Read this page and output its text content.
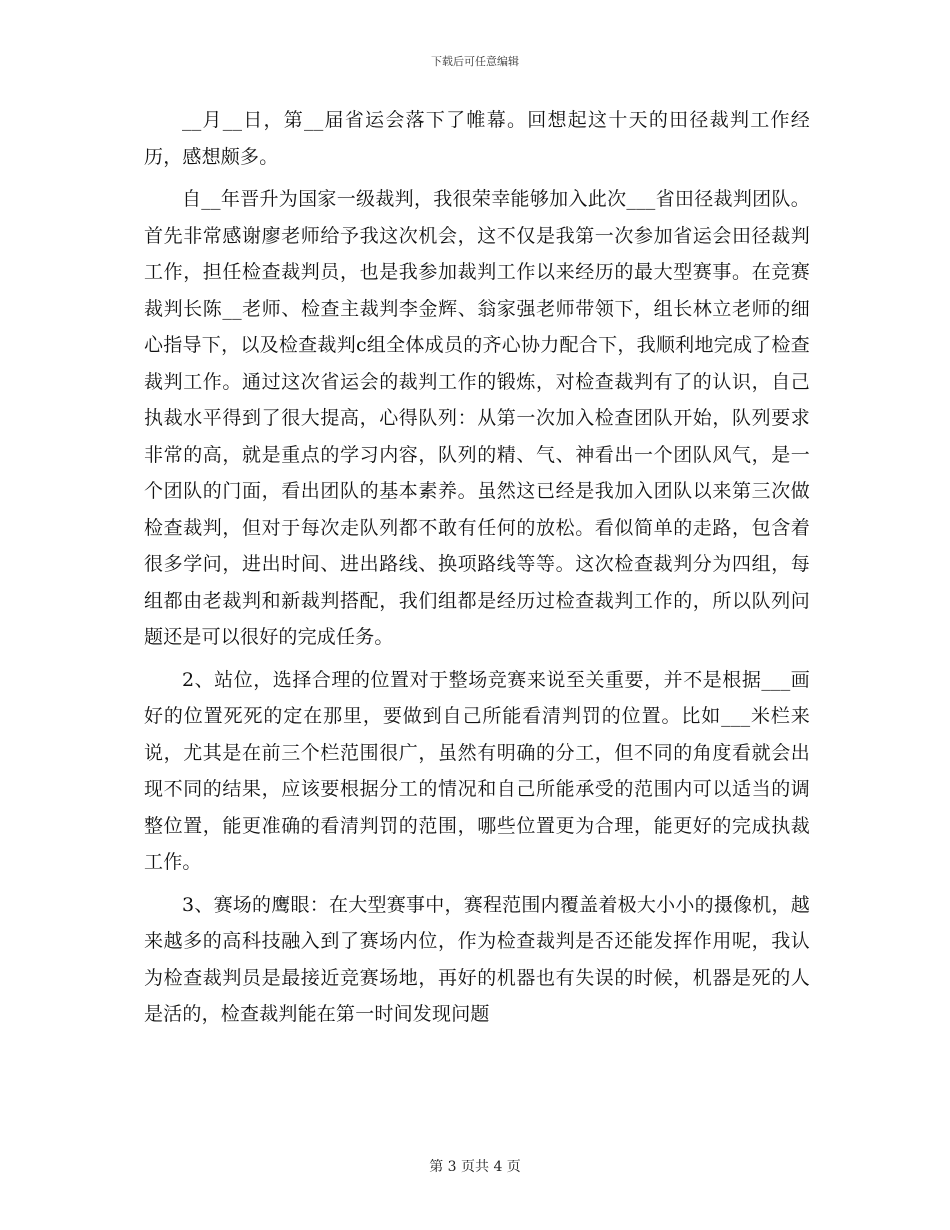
下载后可任意编辑

__月__日，第__届省运会落下了帷幕。回想起这十天的田径裁判工作经历，感想颇多。

自__年晋升为国家一级裁判，我很荣幸能够加入此次___省田径裁判团队。首先非常感谢廖老师给予我这次机会，这不仅是我第一次参加省运会田径裁判工作，担任检查裁判员，也是我参加裁判工作以来经历的最大型赛事。在竞赛裁判长陈__老师、检查主裁判李金辉、翁家强老师带领下，组长林立老师的细心指导下，以及检查裁判c组全体成员的齐心协力配合下，我顺利地完成了检查裁判工作。通过这次省运会的裁判工作的锻炼，对检查裁判有了的认识，自己执裁水平得到了很大提高，心得队列：从第一次加入检查团队开始，队列要求非常的高，就是重点的学习内容，队列的精、气、神看出一个团队风气，是一个团队的门面，看出团队的基本素养。虽然这已经是我加入团队以来第三次做检查裁判，但对于每次走队列都不敢有任何的放松。看似简单的走路，包含着很多学问，进出时间、进出路线、换项路线等等。这次检查裁判分为四组，每组都由老裁判和新裁判搭配，我们组都是经历过检查裁判工作的，所以队列问题还是可以很好的完成任务。

2、站位，选择合理的位置对于整场竞赛来说至关重要，并不是根据___画好的位置死死的定在那里，要做到自己所能看清判罚的位置。比如___米栏来说，尤其是在前三个栏范围很广，虽然有明确的分工，但不同的角度看就会出现不同的结果，应该要根据分工的情况和自己所能承受的范围内可以适当的调整位置，能更准确的看清判罚的范围，哪些位置更为合理，能更好的完成执裁工作。

3、赛场的鹰眼：在大型赛事中，赛程范围内覆盖着极大小小的摄像机，越来越多的高科技融入到了赛场内位，作为检查裁判是否还能发挥作用呢，我认为检查裁判员是最接近竞赛场地，再好的机器也有失误的时候，机器是死的人是活的，检查裁判能在第一时间发现问题

第 3 页共 4 页
